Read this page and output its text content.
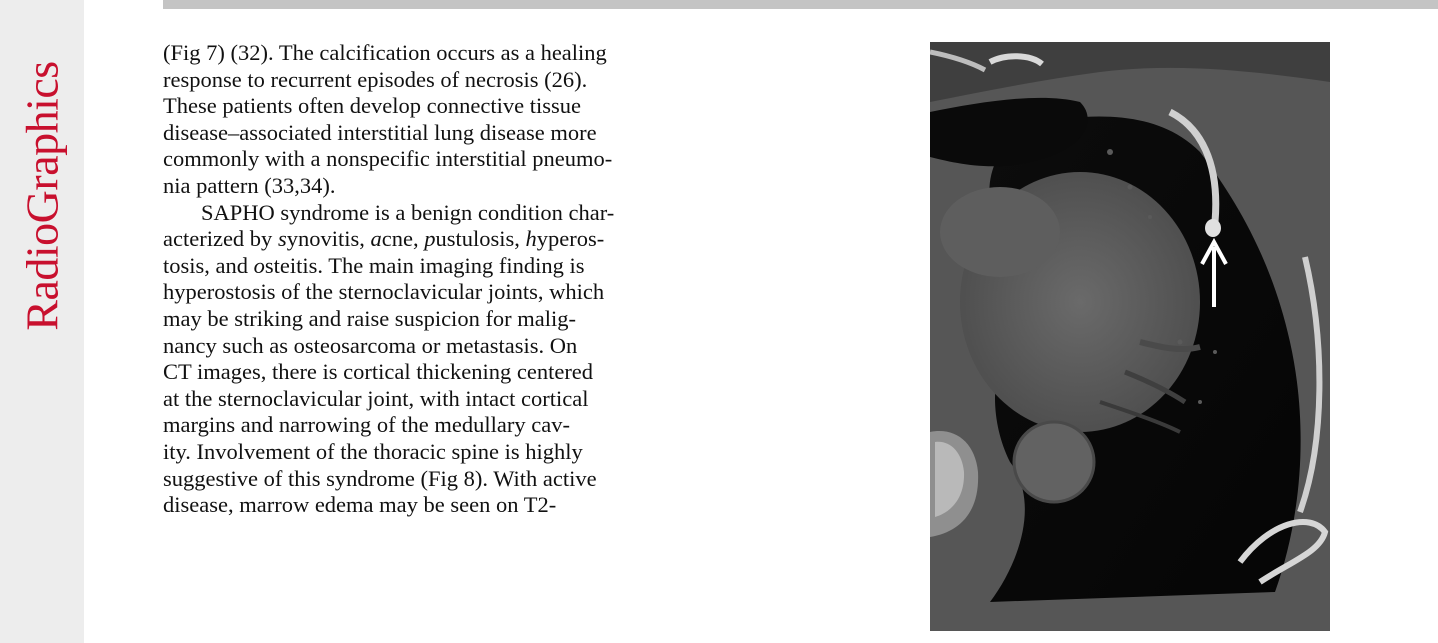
RadioGraphics
(Fig 7) (32). The calcification occurs as a healing
response to recurrent episodes of necrosis (26).
These patients often develop connective tissue
disease–associated interstitial lung disease more
commonly with a nonspecific interstitial pneumo-
nia pattern (33,34).
SAPHO syndrome is a benign condition char-
acterized by synovitis, acne, pustulosis, hyperos-
tosis, and osteitis. The main imaging finding is
hyperostosis of the sternoclavicular joints, which
may be striking and raise suspicion for malig-
nancy such as osteosarcoma or metastasis. On
CT images, there is cortical thickening centered
at the sternoclavicular joint, with intact cortical
margins and narrowing of the medullary cav-
ity. Involvement of the thoracic spine is highly
suggestive of this syndrome (Fig 8). With active
disease, marrow edema may be seen on T2-
